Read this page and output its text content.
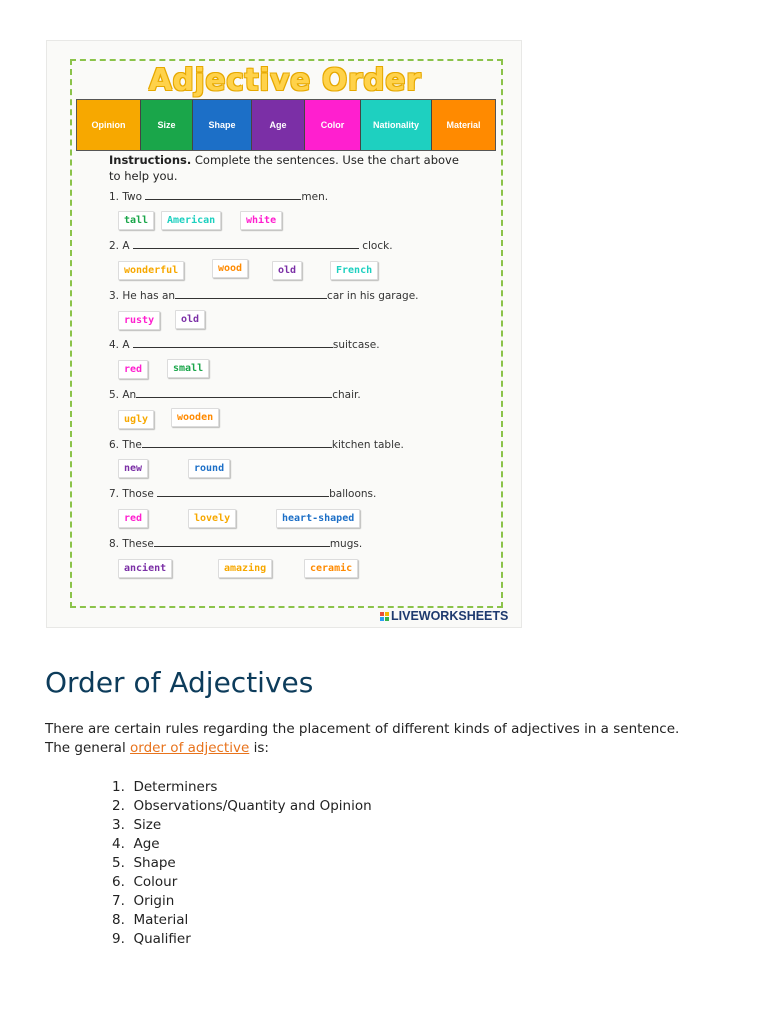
Adjective Order
Opinion	Size	Shape	Age	Color	Nationality	Material
Instructions. Complete the sentences. Use the chart above to help you.
1. Two	men.
tall	American	white
2. A	clock.
wonderful	wood	old	French
3. He has an	car in his garage.
rusty	old
4. A	suitcase.
red	small
5. An	chair.
ugly	wooden
6. The	kitchen table.
new	round
7. Those	balloons.
red	lovely	heart-shaped
8. These	mugs.
ancient	amazing	ceramic
LIVEWORKSHEETS
Order of Adjectives
There are certain rules regarding the placement of different kinds of adjectives in a sentence.
The general order of adjective is:
1.  Determiners
2.  Observations/Quantity and Opinion
3.  Size
4.  Age
5.  Shape
6.  Colour
7.  Origin
8.  Material
9.  Qualifier
